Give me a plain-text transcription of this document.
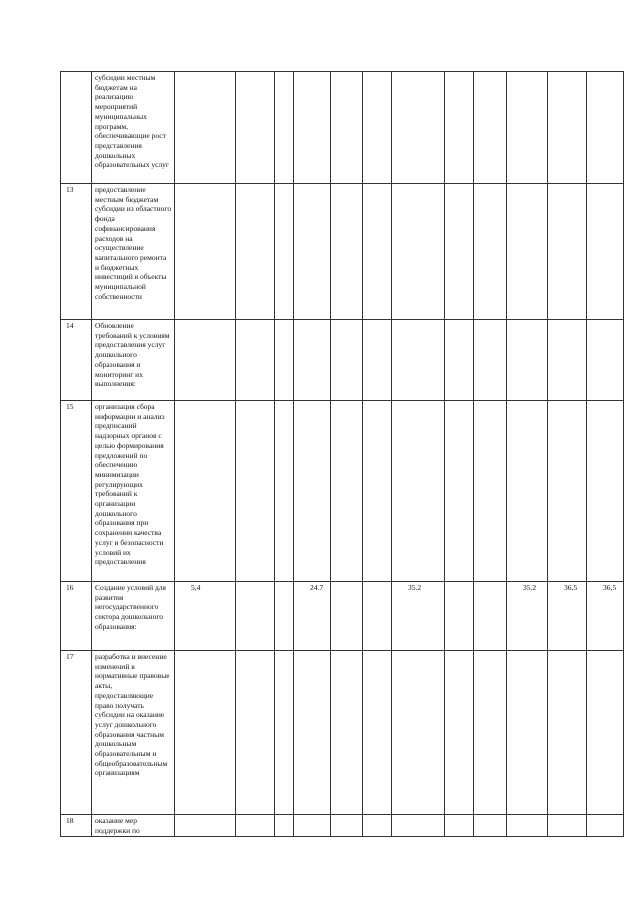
	субсидии местным бюджетам на реализацию мероприятий муниципальных программ, обеспечивающие рост представления дошкольных образовательных услуг												
13	предоставление местным бюджетам субсидии из областного фонда софинансирования расходов на осуществление капитального ремонта и бюджетных инвестиций в объекты муниципальной собственности												
14	Обновление требований к условиям предоставления услуг дошкольного образования и мониторинг их выполнения:												
15	организация сбора информации и анализ предписаний надзорных органов с целью формирования предложений по обеспечению минимизации регулирующих требований к организации дошкольного образования при сохранении качества услуг и безопасности условий их предоставления												
16	Создание условий для развития негосударственного сектора дошкольного образования:	5,4			24.7			35.2			35.2	36,5	36,5
17	разработка и внесение изменений в нормативные правовые акты, предоставляющие право получать субсидии на оказание услуг дошкольного образования частным дошкольным образовательным и общеобразовательным организациям												
18	оказание мер поддержки по												
